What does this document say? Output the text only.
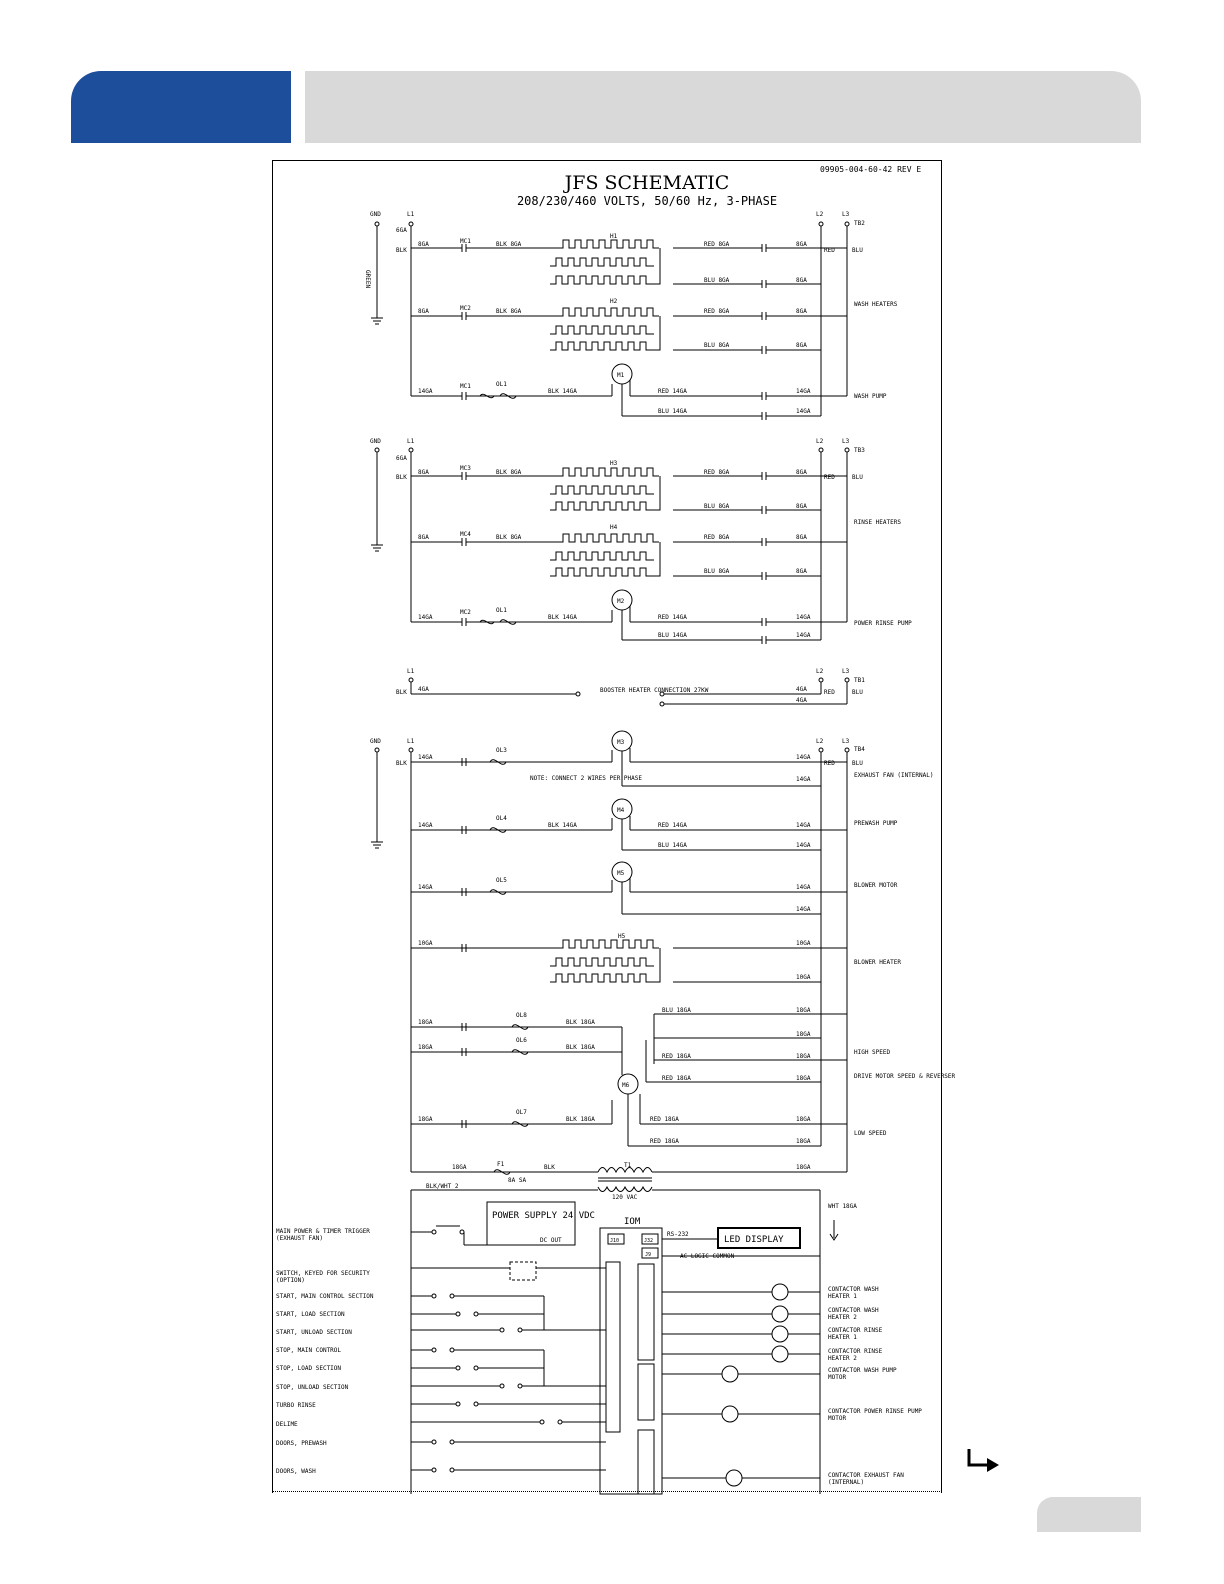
09905-004-60-42 REV E
JFS SCHEMATIC
208/230/460 VOLTS, 50/60 Hz, 3-PHASE
GND
GREEN
L1
6GA
BLK
L2	L3
TB2
RED	BLU
MC1
8GA	BLK 8GA
H1
RED 8GA
BLU 8GA
8GA
8GA
MC2
8GA	BLK 8GA
H2
RED 8GA
BLU 8GA
8GA
8GA
WASH HEATERS
14GA
MC1	OL1
BLK 14GA
M1
RED 14GA
BLU 14GA
14GA
14GA
WASH PUMP
GND	L1
6GA
BLK
L2	L3
TB3
RED	BLU
MC3
8GA	BLK 8GA
H3
RED 8GA
BLU 8GA
8GA
8GA
MC4
8GA	BLK 8GA
H4
RED 8GA
BLU 8GA
8GA
8GA
RINSE HEATERS
14GA
MC2	OL1
BLK 14GA
M2
RED 14GA
BLU 14GA
14GA
14GA
POWER RINSE PUMP
L1
BLK 4GA	BOOSTER HEATER CONNECTION 27KW
L2	L3
TB1
RED	BLU
4GA
4GA
GND	L1
BLK
L2	L3
TB4
RED	BLU
14GA
OL3
NOTE: CONNECT 2 WIRES PER PHASE
M3
14GA
14GA
EXHAUST FAN (INTERNAL)
14GA
OL4
BLK 14GA
M4
RED 14GA
BLU 14GA
14GA
14GA
PREWASH PUMP
14GA
OL5
M5
14GA
14GA
BLOWER MOTOR
10GA
H5
10GA
10GA
BLOWER HEATER
18GA
18GA
OL8
OL6
BLK 18GA
BLK 18GA
M6
BLU 18GA
RED 18GA
RED 18GA
18GA
18GA
18GA
18GA
HIGH SPEED
DRIVE MOTOR SPEED & REVERSER
18GA
OL7
BLK 18GA	RED 18GA
RED 18GA
18GA
18GA
LOW SPEED
18GA	F1
8A SA
BLK	T1
120 VAC
18GA
BLK/WHT 2
WHT 18GA
POWER SUPPLY 24 VDC
DC OUT
IOM
J10	J32
J9
RS-232
LED DISPLAY
AC LOGIC COMMON
MAIN POWER & TIMER TRIGGER (EXHAUST FAN)
SWITCH, KEYED FOR SECURITY (OPTION)
START, MAIN CONTROL SECTION
START, LOAD SECTION
START, UNLOAD SECTION
STOP, MAIN CONTROL
STOP, LOAD SECTION
STOP, UNLOAD SECTION
TURBO RINSE
DELIME
DOORS, PREWASH
DOORS, WASH
CONTACTOR WASH HEATER 1
CONTACTOR WASH HEATER 2
CONTACTOR RINSE HEATER 1
CONTACTOR RINSE HEATER 2
CONTACTOR WASH PUMP MOTOR
CONTACTOR POWER RINSE PUMP MOTOR
CONTACTOR EXHAUST FAN (INTERNAL)
